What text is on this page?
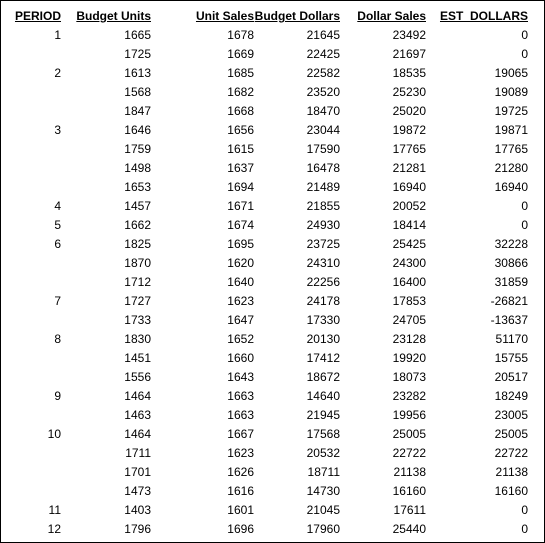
PERIOD	Budget Units	Unit Sales	Budget Dollars	Dollar Sales	EST_DOLLARS
1	1665	1678	21645	23492	0
	1725	1669	22425	21697	0
2	1613	1685	22582	18535	19065
	1568	1682	23520	25230	19089
	1847	1668	18470	25020	19725
3	1646	1656	23044	19872	19871
	1759	1615	17590	17765	17765
	1498	1637	16478	21281	21280
	1653	1694	21489	16940	16940
4	1457	1671	21855	20052	0
5	1662	1674	24930	18414	0
6	1825	1695	23725	25425	32228
	1870	1620	24310	24300	30866
	1712	1640	22256	16400	31859
7	1727	1623	24178	17853	-26821
	1733	1647	17330	24705	-13637
8	1830	1652	20130	23128	51170
	1451	1660	17412	19920	15755
	1556	1643	18672	18073	20517
9	1464	1663	14640	23282	18249
	1463	1663	21945	19956	23005
10	1464	1667	17568	25005	25005
	1711	1623	20532	22722	22722
	1701	1626	18711	21138	21138
	1473	1616	14730	16160	16160
11	1403	1601	21045	17611	0
12	1796	1696	17960	25440	0
